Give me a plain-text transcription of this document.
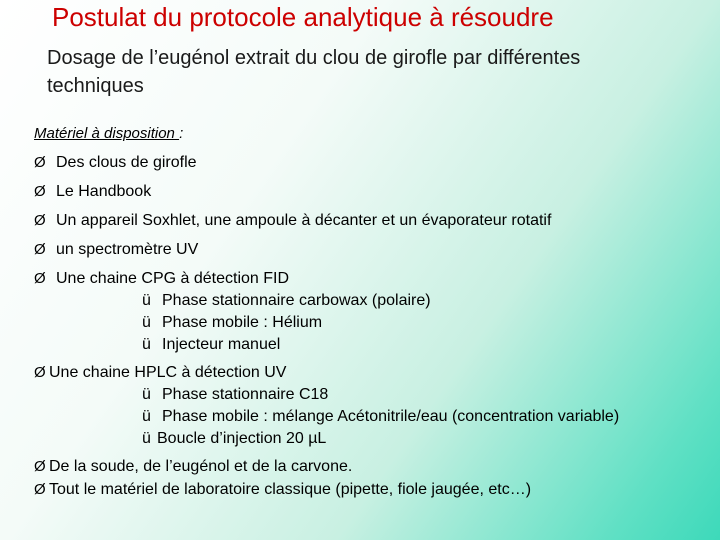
Postulat du protocole analytique à résoudre
Dosage de l’eugénol extrait du clou de girofle par différentes techniques
Matériel à disposition :
Ø Des clous de girofle
Ø Le Handbook
Ø Un appareil Soxhlet, une ampoule à décanter et un évaporateur rotatif
Ø un spectromètre UV
Ø Une chaine CPG à détection FID
ü Phase stationnaire carbowax (polaire)
ü Phase mobile : Hélium
ü Injecteur manuel
Ø Une chaine HPLC à détection UV
ü Phase stationnaire C18
ü Phase mobile : mélange Acétonitrile/eau (concentration variable)
ü Boucle d’injection 20 µL
Ø De la soude, de l’eugénol et de la carvone.
Ø Tout le matériel de laboratoire classique (pipette, fiole jaugée, etc…)
